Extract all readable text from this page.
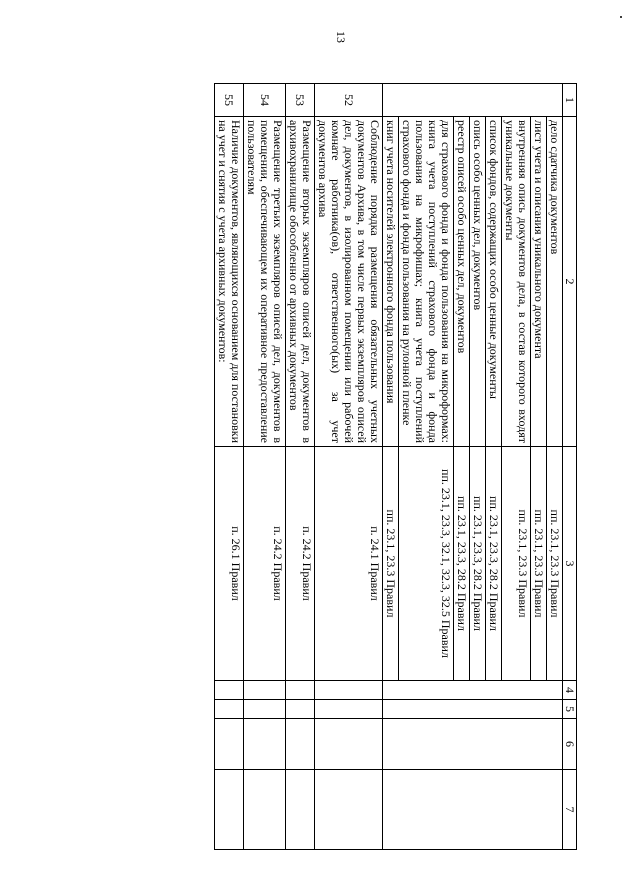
13
1	2	3	4	5	6	7
	дело сдатчика документов	пп. 23.1, 23.3 Правил				
	лист учета и описания уникального документа	пп. 23.1, 23.3 Правил				
	внутренняя опись документов дела, в состав которого входят уникальные документы	пп. 23.1, 23.3 Правил				
	список фондов, содержащих особо ценные документы	пп. 23.1, 23.3, 28.2 Правил				
	опись особо ценных дел, документов	пп. 23.1, 23.3, 28.2 Правил				
	реестр описей особо ценных дел, документов	пп. 23.1, 23.3, 28.2 Правил				
	для страхового фонда и фонда пользования на микроформах: книга учета поступлений страхового фонда и фонда пользования на микрофишах; книга учета поступлений страхового фонда и фонда пользования на рулонной пленке	пп. 23.1, 23.3, 32.1, 32.3, 32.5 Правил				
	книг учета носителей электронного фонда пользования	пп. 23.1, 23.3 Правил				
52	Соблюдение порядка размещения обязательных учетных документов Архива, в том числе первых экземпляров описей дел, документов, в изолированном помещении или рабочей комнате работника(ов), ответственного(ых) за учет документов архива	п. 24.1 Правил				
53	Размещение вторых экземпляров описей дел, документов в архивохранилище обособленно от архивных документов	п. 24.2 Правил				
54	Размещение третьих экземпляров описей дел, документов в помещении, обеспечивающем их оперативное предоставление пользователям	п. 24.2 Правил				
55	Наличие документов, являющихся основанием для постановки на учет и снятия с учета архивных документов:	п. 26.1 Правил				
